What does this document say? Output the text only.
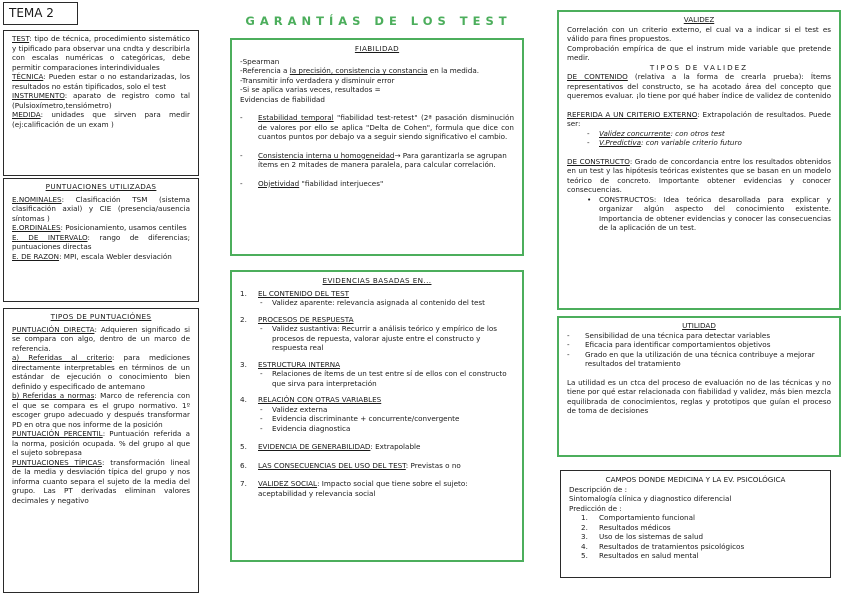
TEMA 2
GARANTÍAS DE LOS TEST

TEST: tipo de técnica, procedimiento sistemático y tipificado para observar una cndta y describirla con escalas numéricas o categóricas, debe permitir comparaciones interindividuales

TÉCNICA: Pueden estar o no estandarizadas, los resultados no están tipificados, solo el test

INSTRUMENTO: aparato de registro como tal (Pulsioxímetro,tensiómetro)

MEDIDA: unidades que sirven para medir (ej:calificación de un exam )

PUNTUACIONES UTILIZADAS

E.NOMINALES: Clasificación TSM (sistema clasificación axial) y CIE (presencia/ausencia síntomas )

E.ORDINALES: Posicionamiento, usamos centiles

E. DE INTERVALO: rango de diferencias; puntuaciones directas

E. DE RAZON: MPI, escala Webler desviación

TIPOS DE PUNTUACIÓNES

PUNTUACIÓN DIRECTA: Adquieren significado si se compara con algo, dentro de un marco de referencia.

a) Referidas al criterio: para mediciones directamente interpretables en términos de un estándar de ejecución o conocimiento bien definido y especificado de antemano

b) Referidas a normas: Marco de referencia con el que se compara es el grupo normativo. 1º escoger grupo adecuado y después transformar PD en otra que nos informe de la posición

PUNTUACIÓN PERCENTIL: Puntuación referida a la norma, posición ocupada. % del grupo al que el sujeto sobrepasa

PUNTUACIONES TÍPICAS: transformación lineal de la media y desviación típica del grupo y nos informa cuanto separa el sujeto de la media del grupo. Las PT derivadas eliminan valores decimales y negativo

FIABILIDAD

-Spearman

-Referencia a la precisión, consistencia y constancia en la medida.

-Transmitir info verdadera y disminuir error

-Si se aplica varias veces, resultados =

Evidencias de fiabilidad

-	Estabilidad temporal "fiabilidad test-retest" (2ª pasación disminución de valores por ello se aplica "Delta de Cohen", formula que dice con cuantos puntos por debajo va a seguir siendo significativo el cambio.

-	Consistencia interna u homogeneidad→ Para garantizarla se agrupan ítems en 2 mitades de manera paralela, para calcular correlación.

-	Objetividad "fiabilidad interjueces"

EVIDENCIAS BASADAS EN...

1.	EL CONTENIDO DEL TEST
-	Validez aparente: relevancia asignada al contenido del test

2.	PROCESOS DE RESPUESTA
-	Validez sustantiva: Recurrir a análisis teórico y empírico de los procesos de repuesta, valorar ajuste entre el constructo y respuesta real

3.	ESTRUCTURA INTERNA
-	Relaciones de ítems de un test entre sí de ellos con el constructo que sirva para interpretación

4.	RELACIÓN CON OTRAS VARIABLES
-	Validez externa

-	Evidencia discriminante + concurrente/convergente

-	Evidencia diagnostica

5.	EVIDENCIA DE GENERABILIDAD: Extrapolable

6.	LAS CONSECUENCIAS DEL USO DEL TEST: Previstas o no

7.	VALIDEZ SOCIAL: Impacto social que tiene sobre el sujeto: aceptabilidad y relevancia social

VALIDEZ

Correlación con un criterio externo, el cual va a indicar si el test es válido para fines propuestos.

Comprobación empírica de que el instrum mide variable que pretende medir.

TIPOS DE VALIDEZ

DE CONTENIDO (relativa a la forma de crearla prueba): Ítems representativos del constructo, se ha acotado área del concepto que queremos evaluar. ¡lo tiene por qué haber índice de validez de contenido

REFERIDA A UN CRITERIO EXTERNO: Extrapolación de resultados. Puede ser:

-	Validez concurrente: con otros test

-	V.Predictiva: con variable criterio futuro

DE CONSTRUCTO: Grado de concordancia entre los resultados obtenidos en un test y las hipótesis teóricas existentes que se basan en un modelo teórico de concreto. Importante obtener evidencias y conocer consecuencias.

•	CONSTRUCTOS: Idea teórica desarollada para explicar y organizar algún aspecto del conocimiento existente. Importancia de obtener evidencias y conocer las consecuencias de la aplicación de un test.

UTILIDAD

-	Sensibilidad de una técnica para detectar variables

-	Eficacia para identificar comportamientos objetivos

-	Grado en que la utilización de una técnica contribuye a mejorar resultados del tratamiento

La utilidad es un ctca del proceso de evaluación no de las técnicas y no tiene por qué estar relacionada con fiabilidad y validez, más bien mezcla equilibrada de conocimientos, reglas y prototipos que guían el proceso de toma de decisiones

CAMPOS DONDE MEDICINA Y LA EV. PSICOLÓGICA

Descripción de :

Sintomalogía clínica y diagnostico diferencial

Predicción de :

1.	Comportamiento funcional
2.	Resultados médicos
3.	Uso de los sistemas de salud
4.	Resultados de tratamientos psicológicos
5.	Resultados en salud mental
